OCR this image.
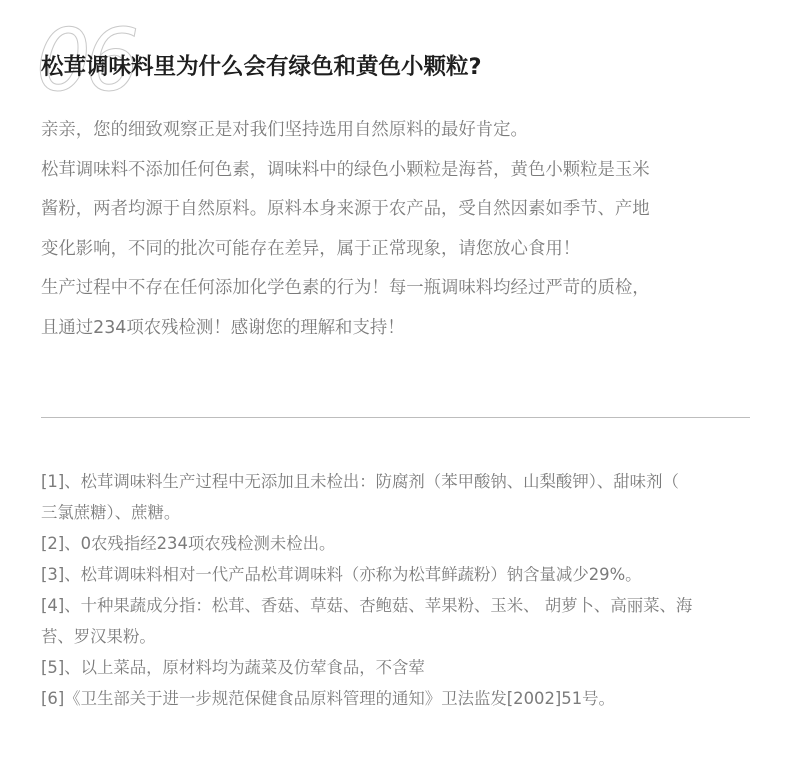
06
松茸调味料里为什么会有绿色和黄色小颗粒?

亲亲，您的细致观察正是对我们坚持选用自然原料的最好肯定。

松茸调味料不添加任何色素，调味料中的绿色小颗粒是海苔，黄色小颗粒是玉米

酱粉，两者均源于自然原料。原料本身来源于农产品，受自然因素如季节、产地

变化影响，不同的批次可能存在差异，属于正常现象，请您放心食用！

生产过程中不存在任何添加化学色素的行为！每一瓶调味料均经过严苛的质检，

且通过234项农残检测！感谢您的理解和支持！

[1]、松茸调味料生产过程中无添加且未检出：防腐剂（苯甲酸钠、山梨酸钾）、甜味剂（

三氯蔗糖）、蔗糖。

[2]、0农残指经234项农残检测未检出。

[3]、松茸调味料相对一代产品松茸调味料（亦称为松茸鲜蔬粉）钠含量减少29%。

[4]、十种果蔬成分指：松茸、香菇、草菇、杏鲍菇、苹果粉、玉米、 胡萝卜、高丽菜、海

苔、罗汉果粉。

[5]、以上菜品，原材料均为蔬菜及仿荤食品，不含荤

[6]《卫生部关于进一步规范保健食品原料管理的通知》卫法监发[2002]51号。
